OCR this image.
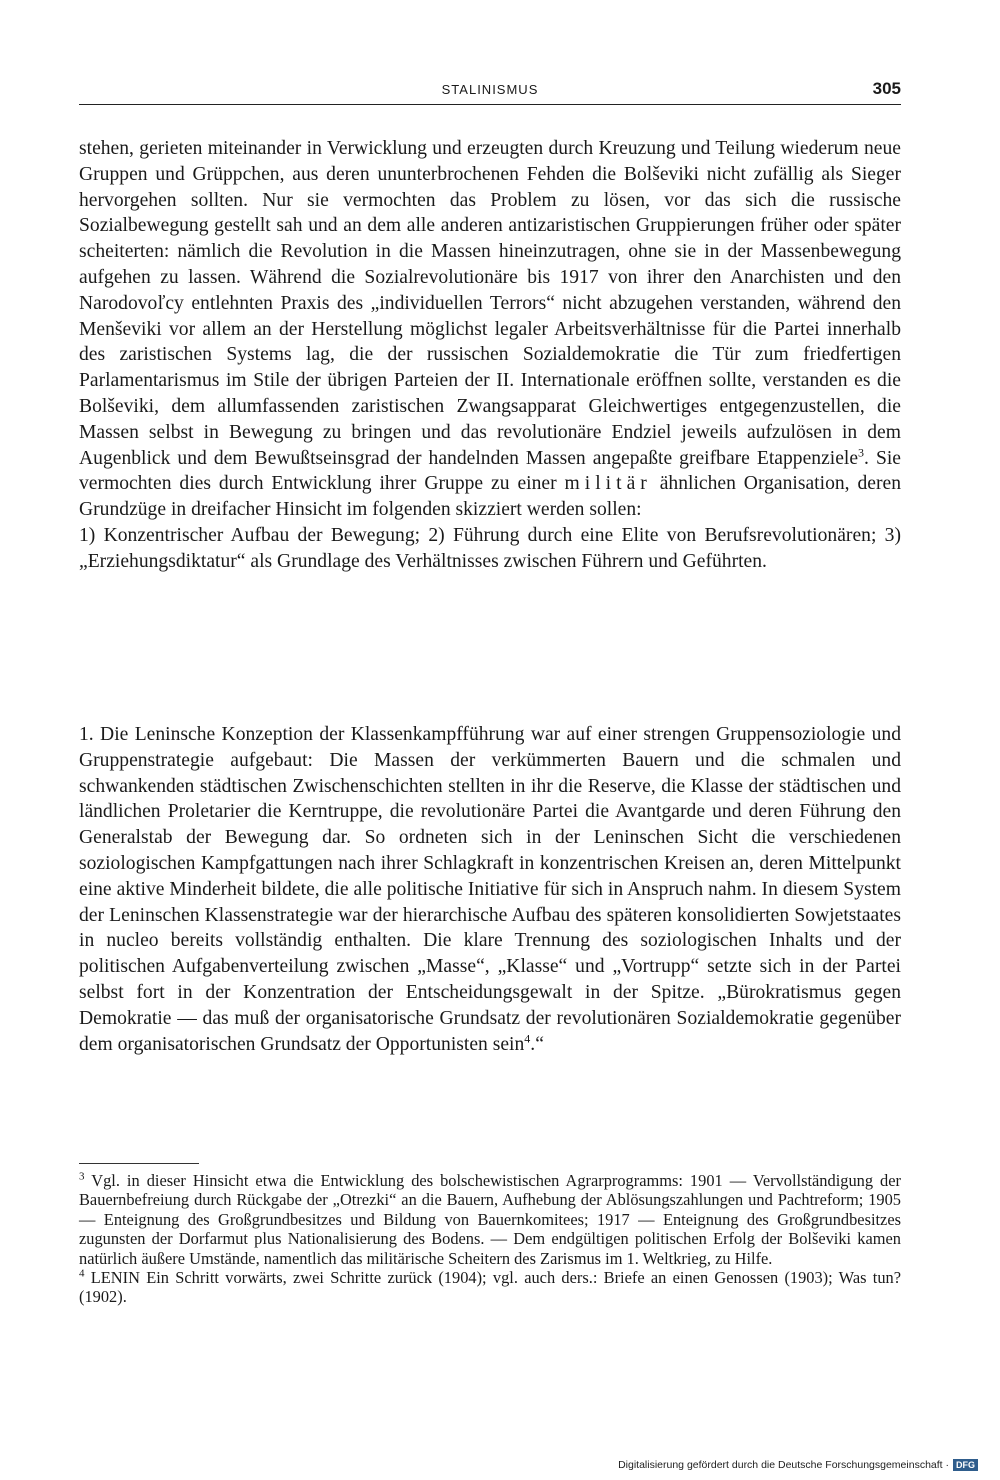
STALINISMUS	305

stehen, gerieten miteinander in Verwicklung und erzeugten durch Kreuzung und Teilung wiederum neue Gruppen und Grüppchen, aus deren ununterbrochenen Fehden die Bolševiki nicht zufällig als Sieger hervorgehen sollten. Nur sie vermochten das Problem zu lösen, vor das sich die russische Sozialbewegung gestellt sah und an dem alle anderen antizaristischen Gruppierungen früher oder später scheiterten: nämlich die Revolution in die Massen hineinzutragen, ohne sie in der Massenbewegung aufgehen zu lassen. Während die Sozialrevolutionäre bis 1917 von ihrer den Anarchisten und den Narodovoľcy entlehnten Praxis des „individuellen Terrors“ nicht abzugehen verstanden, während den Menševiki vor allem an der Herstellung möglichst legaler Arbeitsverhältnisse für die Partei innerhalb des zaristischen Systems lag, die der russischen Sozialdemokratie die Tür zum friedfertigen Parlamentarismus im Stile der übrigen Parteien der II. Internationale eröffnen sollte, verstanden es die Bolševiki, dem allumfassenden zaristischen Zwangsapparat Gleichwertiges entgegenzustellen, die Massen selbst in Bewegung zu bringen und das revolutionäre Endziel jeweils aufzulösen in dem Augenblick und dem Bewußtseinsgrad der handelnden Massen angepaßte greifbare Etappenziele$^3$. Sie vermochten dies durch Entwicklung ihrer Gruppe zu einer militär ähnlichen Organisation, deren Grundzüge in dreifacher Hinsicht im folgenden skizziert werden sollen:

1) Konzentrischer Aufbau der Bewegung; 2) Führung durch eine Elite von Berufsrevolutionären; 3) „Erziehungsdiktatur“ als Grundlage des Verhältnisses zwischen Führern und Geführten.

1. Die Leninsche Konzeption der Klassenkampfführung war auf einer strengen Gruppensoziologie und Gruppenstrategie aufgebaut: Die Massen der verkümmerten Bauern und die schmalen und schwankenden städtischen Zwischenschichten stellten in ihr die Reserve, die Klasse der städtischen und ländlichen Proletarier die Kerntruppe, die revolutionäre Partei die Avantgarde und deren Führung den Generalstab der Bewegung dar. So ordneten sich in der Leninschen Sicht die verschiedenen soziologischen Kampfgattungen nach ihrer Schlagkraft in konzentrischen Kreisen an, deren Mittelpunkt eine aktive Minderheit bildete, die alle politische Initiative für sich in Anspruch nahm. In diesem System der Leninschen Klassenstrategie war der hierarchische Aufbau des späteren konsolidierten Sowjetstaates in nucleo bereits vollständig enthalten. Die klare Trennung des soziologischen Inhalts und der politischen Aufgabenverteilung zwischen „Masse“, „Klasse“ und „Vortrupp“ setzte sich in der Partei selbst fort in der Konzentration der Entscheidungsgewalt in der Spitze. „Bürokratismus gegen Demokratie — das muß der organisatorische Grundsatz der revolutionären Sozialdemokratie gegenüber dem organisatorischen Grundsatz der Opportunisten sein$^4$.“

$^3$ Vgl. in dieser Hinsicht etwa die Entwicklung des bolschewistischen Agrarprogramms: 1901 — Vervollständigung der Bauernbefreiung durch Rückgabe der „Otrezki“ an die Bauern, Aufhebung der Ablösungszahlungen und Pachtreform; 1905 — Enteignung des Großgrundbesitzes und Bildung von Bauernkomitees; 1917 — Enteignung des Großgrundbesitzes zugunsten der Dorfarmut plus Nationalisierung des Bodens. — Dem endgültigen politischen Erfolg der Bolševiki kamen natürlich äußere Umstände, namentlich das militärische Scheitern des Zarismus im 1. Weltkrieg, zu Hilfe.

$^4$ LENIN Ein Schritt vorwärts, zwei Schritte zurück (1904); vgl. auch ders.: Briefe an einen Genossen (1903); Was tun? (1902).

Digitalisierung gefördert durch die Deutsche Forschungsgemeinschaft · DFG
